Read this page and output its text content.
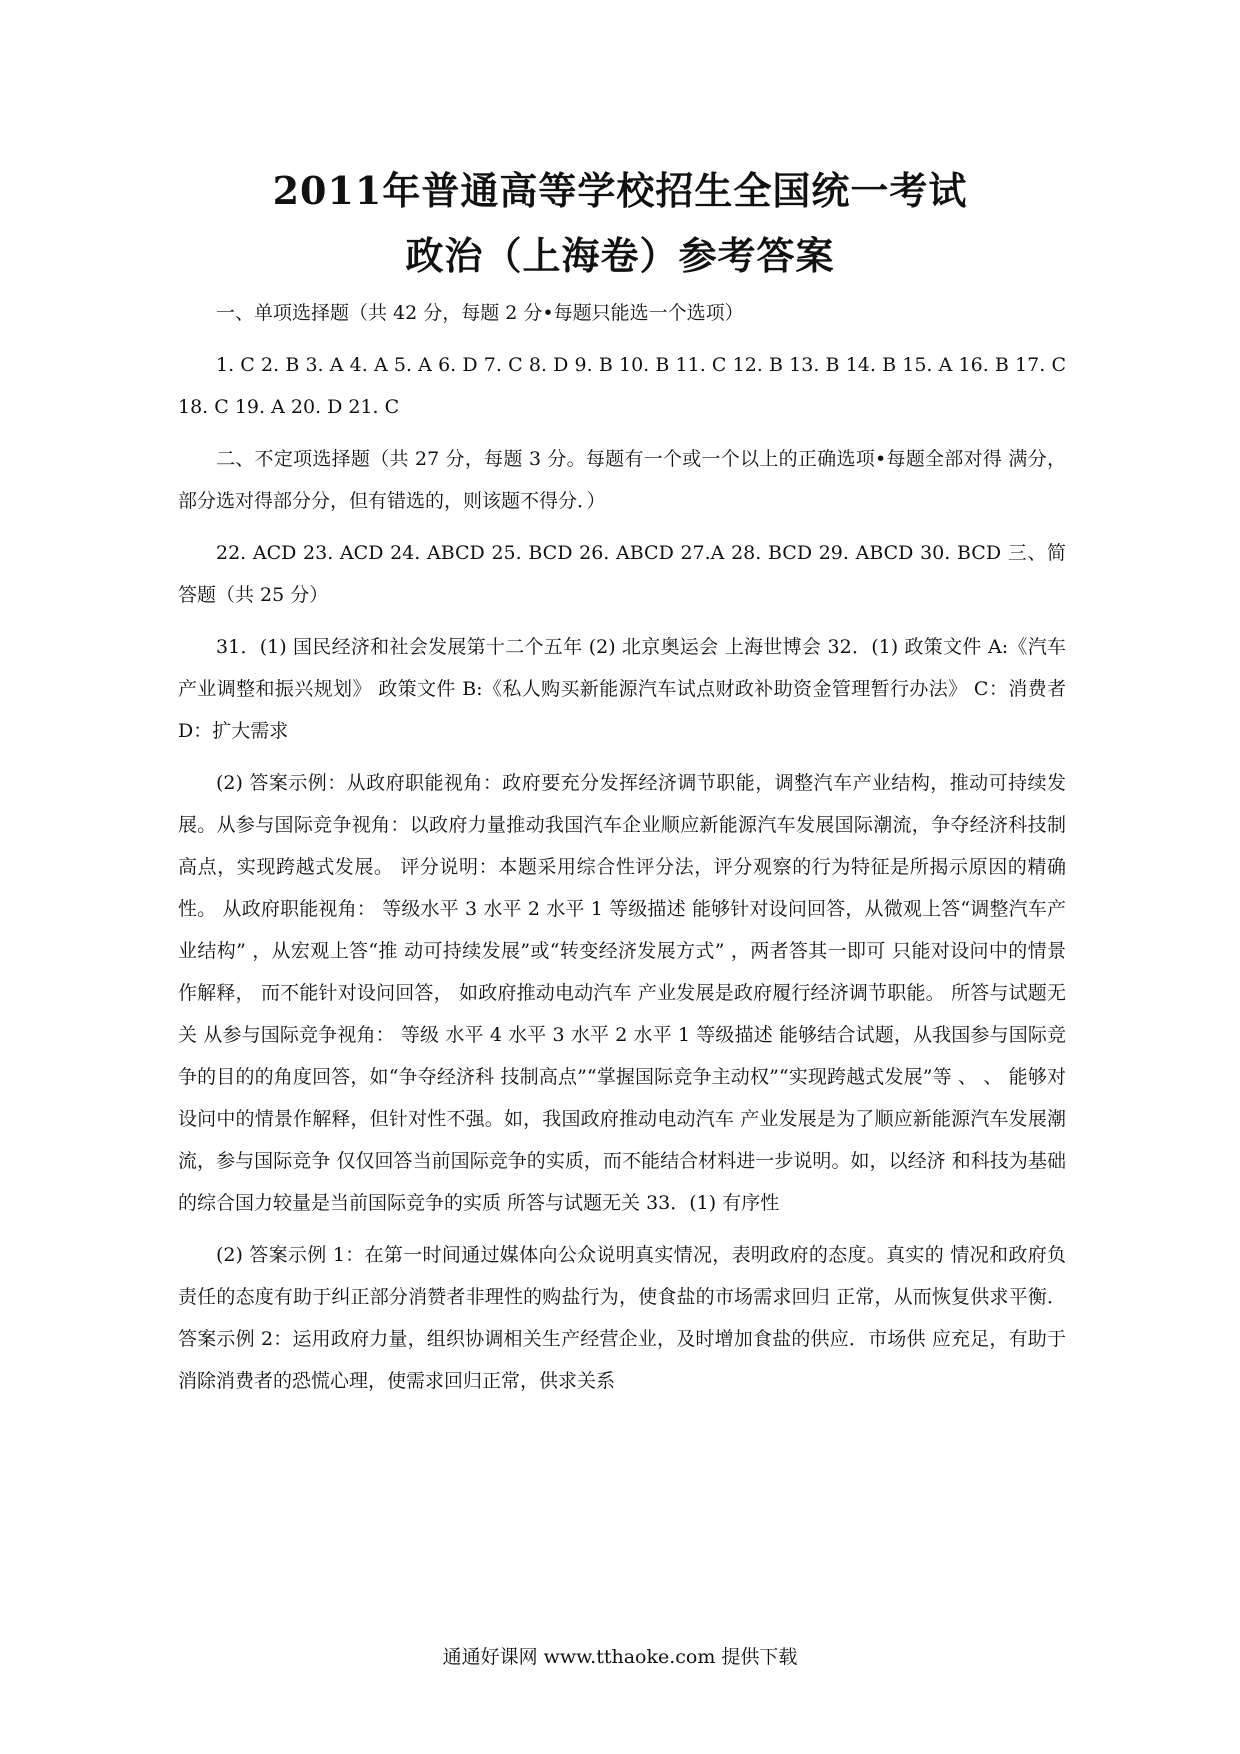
2011年普通高等学校招生全国统一考试
政治（上海卷）参考答案

一、单项选择题（共 42 分，每题 2 分•每题只能选一个选项）

1. C 2. B 3. A 4. A 5. A 6. D 7. C 8. D 9. B 10. B 11. C 12. B 13. B 14. B 15. A 16. B 17. C 18. C 19. A 20. D 21. C

二、不定项选择题（共 27 分，每题 3 分。每题有一个或一个以上的正确选项•每题全部对得 满分，部分选对得部分分，但有错选的，则该题不得分．）

22. ACD 23. ACD 24. ABCD 25. BCD 26. ABCD 27.A 28. BCD 29. ABCD 30. BCD 三、简答题（共 25 分）

31．(1) 国民经济和社会发展第十二个五年 (2) 北京奥运会 上海世博会 32．(1) 政策文件 A:《汽车产业调整和振兴规划》 政策文件 B:《私人购买新能源汽车试点财政补助资金管理暂行办法》 C：消费者 D：扩大需求

(2) 答案示例：从政府职能视角：政府要充分发挥经济调节职能，调整汽车产业结构，推动可持续发展。从参与国际竞争视角：以政府力量推动我国汽车企业顺应新能源汽车发展国际潮流，争夺经济科技制高点，实现跨越式发展。 评分说明：本题采用综合性评分法，评分观察的行为特征是所揭示原因的精确性。 从政府职能视角： 等级水平 3 水平 2 水平 1 等级描述 能够针对设问回答，从微观上答“调整汽车产业结构” ，从宏观上答“推 动可持续发展”或“转变经济发展方式” ，两者答其一即可 只能对设问中的情景作解释， 而不能针对设问回答， 如政府推动电动汽车 产业发展是政府履行经济调节职能。 所答与试题无关 从参与国际竞争视角： 等级 水平 4 水平 3 水平 2 水平 1 等级描述 能够结合试题，从我国参与国际竞争的目的的角度回答，如“争夺经济科 技制高点”“掌握国际竞争主动权”“实现跨越式发展”等 、 、 能够对设问中的情景作解释，但针对性不强。如，我国政府推动电动汽车 产业发展是为了顺应新能源汽车发展潮流，参与国际竞争 仅仅回答当前国际竞争的实质，而不能结合材料进一步说明。如，以经济 和科技为基础的综合国力较量是当前国际竞争的实质 所答与试题无关 33．(1) 有序性

(2) 答案示例 1：在第一时间通过媒体向公众说明真实情况，表明政府的态度。真实的 情况和政府负责任的态度有助于纠正部分消赞者非理性的购盐行为，使食盐的市场需求回归 正常，从而恢复供求平衡． 答案示例 2：运用政府力量，组织协调相关生产经营企业，及时增加食盐的供应．市场供 应充足，有助于消除消费者的恐慌心理，使需求回归正常，供求关系

通通好课网 www.tthaoke.com 提供下载
